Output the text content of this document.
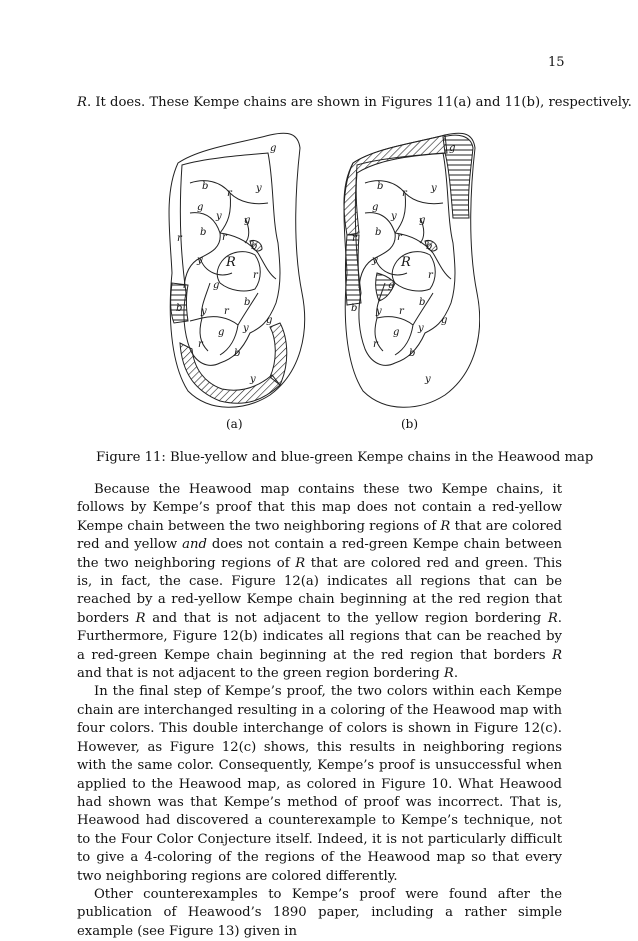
15
R. It does. These Kempe chains are shown in Figures 11(a) and 11(b), respectively.
g
b
r y
g
y g
b
r	r
b
y R
r
g
b
b y r
g
g y
r
b
y
(a)
g
b
r y
g
y g
b
r	r
b
y R
r
g
b
b y r
g
g y
r
b
y
(b)
Figure 11: Blue-yellow and blue-green Kempe chains in the Heawood map

Because the Heawood map contains these two Kempe chains, it follows by Kempe’s proof that this map does not contain a red-yellow Kempe chain between the two neighboring regions of R that are colored red and yellow and does not contain a red-green Kempe chain between the two neighboring regions of R that are colored red and green. This is, in fact, the case. Figure 12(a) indicates all regions that can be reached by a red-yellow Kempe chain beginning at the red region that borders R and that is not adjacent to the yellow region bordering R. Furthermore, Figure 12(b) indicates all regions that can be reached by a red-green Kempe chain beginning at the red region that borders R and that is not adjacent to the green region bordering R.

In the final step of Kempe’s proof, the two colors within each Kempe chain are interchanged resulting in a coloring of the Heawood map with four colors. This double interchange of colors is shown in Figure 12(c). However, as Figure 12(c) shows, this results in neighboring regions with the same color. Consequently, Kempe’s proof is unsuccessful when applied to the Heawood map, as colored in Figure 10. What Heawood had shown was that Kempe’s method of proof was incorrect. That is, Heawood had discovered a counterexample to Kempe’s technique, not to the Four Color Conjecture itself. Indeed, it is not particularly difficult to give a 4-coloring of the regions of the Heawood map so that every two neighboring regions are colored differently.

Other counterexamples to Kempe’s proof were found after the publication of Heawood’s 1890 paper, including a rather simple example (see Figure 13) given in
